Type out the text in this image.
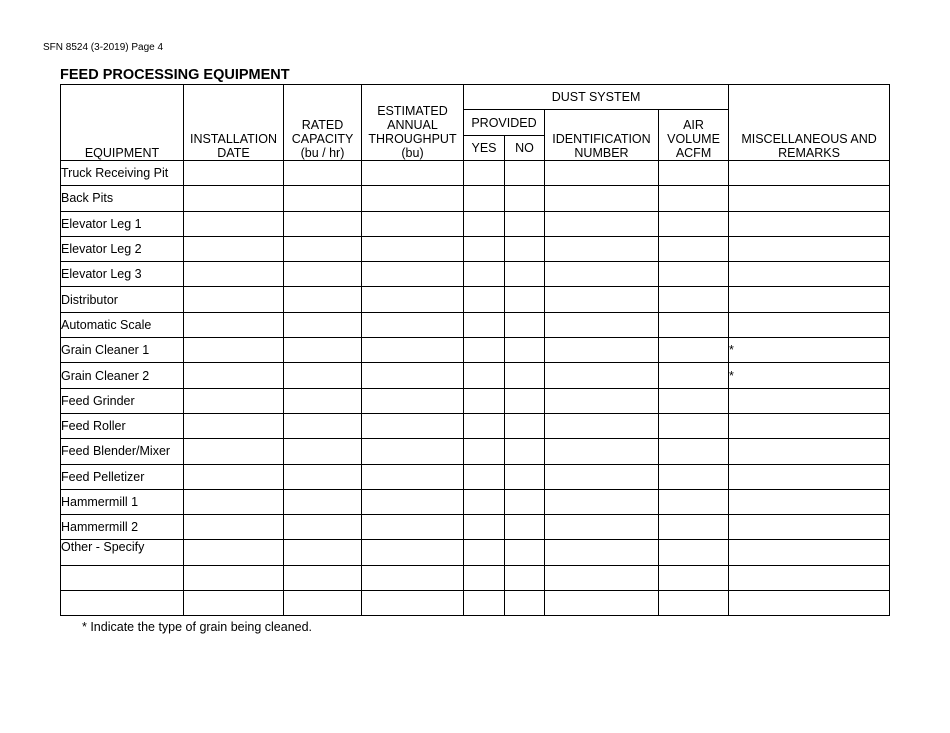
SFN 8524 (3-2019) Page 4
FEED PROCESSING EQUIPMENT
EQUIPMENT	INSTALLATION DATE	RATED CAPACITY (bu / hr)	ESTIMATED ANNUAL THROUGHPUT (bu)	DUST SYSTEM				MISCELLANEOUS AND REMARKS
				PROVIDED		IDENTIFICATION NUMBER	AIR VOLUME ACFM	
				YES	NO			
Truck Receiving Pit								
Back Pits								
Elevator Leg 1								
Elevator Leg 2								
Elevator Leg 3								
Distributor								
Automatic Scale								
Grain Cleaner 1								*
Grain Cleaner 2								*
Feed Grinder								
Feed Roller								
Feed Blender/Mixer								
Feed Pelletizer								
Hammermill 1								
Hammermill 2								
Other - Specify								

* Indicate the type of grain being cleaned.
